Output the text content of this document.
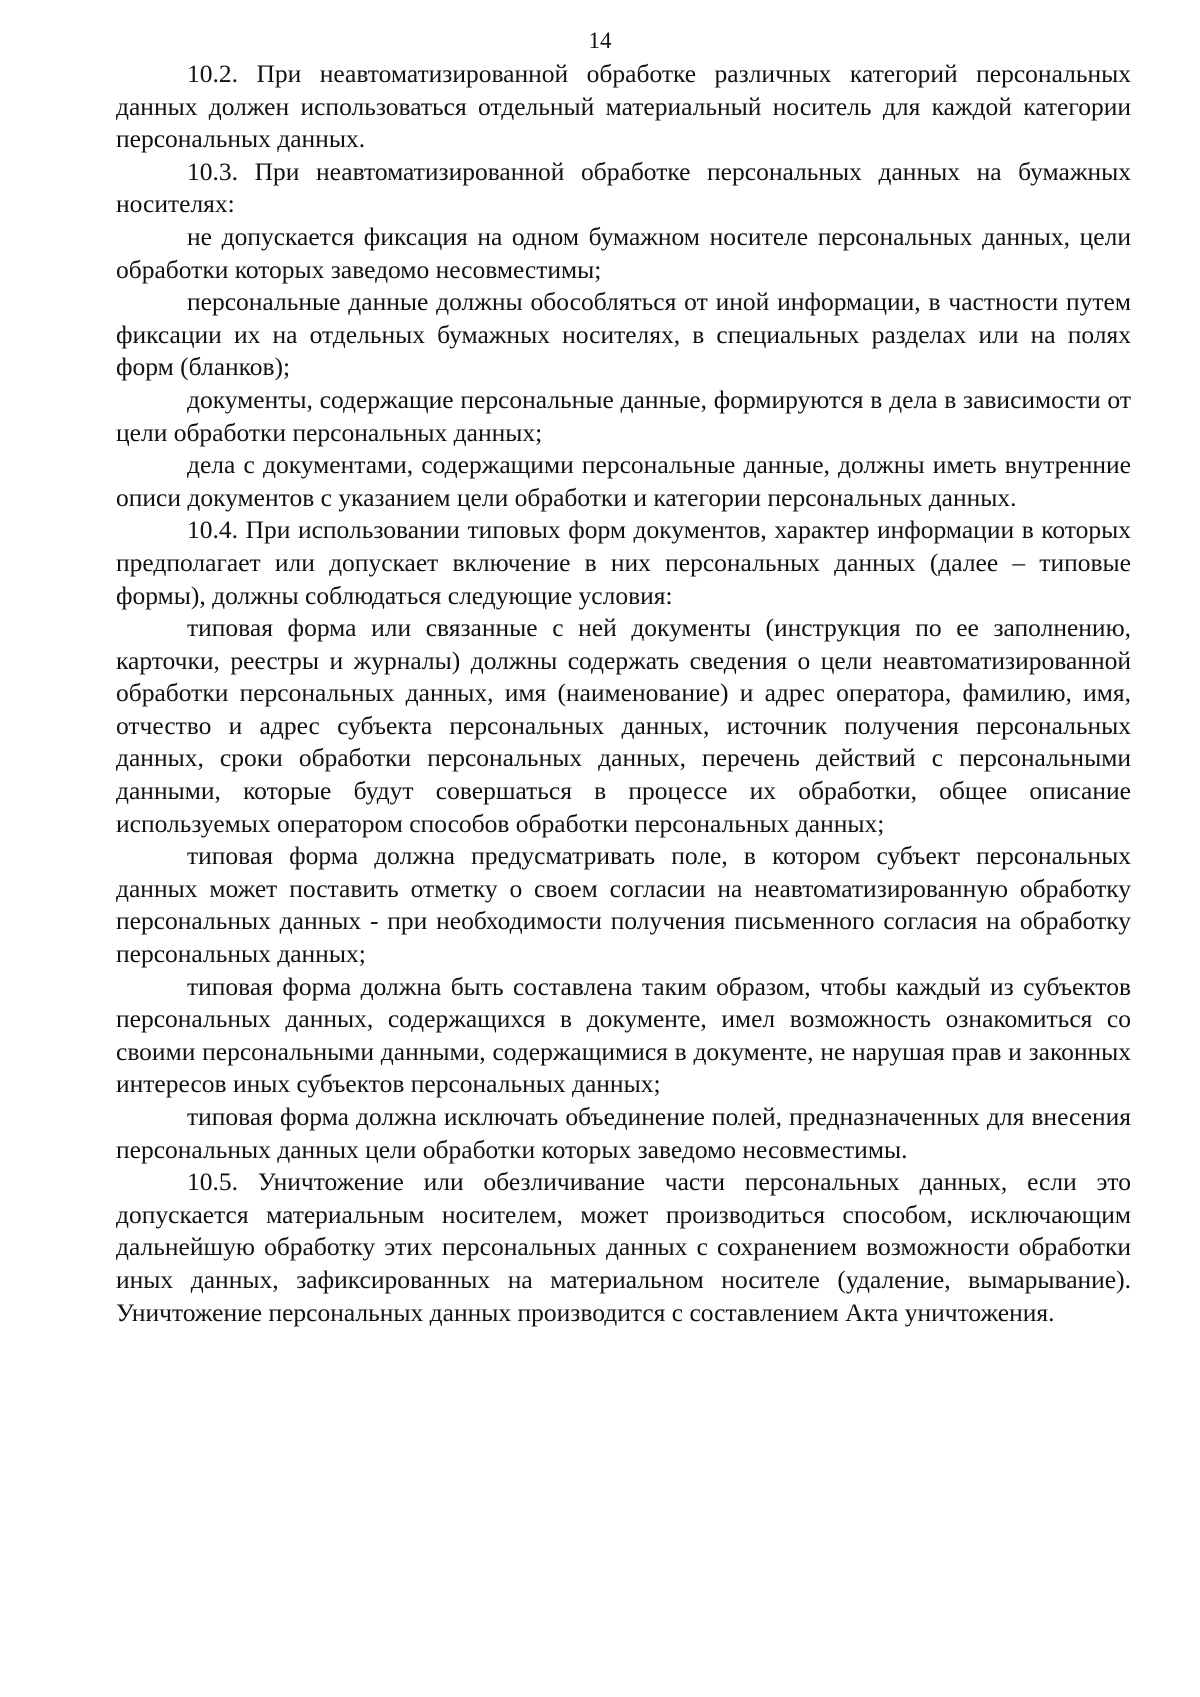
14

10.2. При неавтоматизированной обработке различных категорий персональных данных должен использоваться отдельный материальный носитель для каждой категории персональных данных.

10.3. При неавтоматизированной обработке персональных данных на бумажных носителях:

не допускается фиксация на одном бумажном носителе персональных данных, цели обработки которых заведомо несовместимы;

персональные данные должны обособляться от иной информации, в частности путем фиксации их на отдельных бумажных носителях, в специальных разделах или на полях форм (бланков);

документы, содержащие персональные данные, формируются в дела в зависимости от цели обработки персональных данных;

дела с документами, содержащими персональные данные, должны иметь внутренние описи документов с указанием цели обработки и категории персональных данных.

10.4. При использовании типовых форм документов, характер информации в которых предполагает или допускает включение в них персональных данных (далее – типовые формы), должны соблюдаться следующие условия:

типовая форма или связанные с ней документы (инструкция по ее заполнению, карточки, реестры и журналы) должны содержать сведения о цели неавтоматизированной обработки персональных данных, имя (наименование) и адрес оператора, фамилию, имя, отчество и адрес субъекта персональных данных, источник получения персональных данных, сроки обработки персональных данных, перечень действий с персональными данными, которые будут совершаться в процессе их обработки, общее описание используемых оператором способов обработки персональных данных;

типовая форма должна предусматривать поле, в котором субъект персональных данных может поставить отметку о своем согласии на неавтоматизированную обработку персональных данных - при необходимости получения письменного согласия на обработку персональных данных;

типовая форма должна быть составлена таким образом, чтобы каждый из субъектов персональных данных, содержащихся в документе, имел возможность ознакомиться со своими персональными данными, содержащимися в документе, не нарушая прав и законных интересов иных субъектов персональных данных;

типовая форма должна исключать объединение полей, предназначенных для внесения персональных данных цели обработки которых заведомо несовместимы.

10.5. Уничтожение или обезличивание части персональных данных, если это допускается материальным носителем, может производиться способом, исключающим дальнейшую обработку этих персональных данных с сохранением возможности обработки иных данных, зафиксированных на материальном носителе (удаление, вымарывание). Уничтожение персональных данных производится с составлением Акта уничтожения.
